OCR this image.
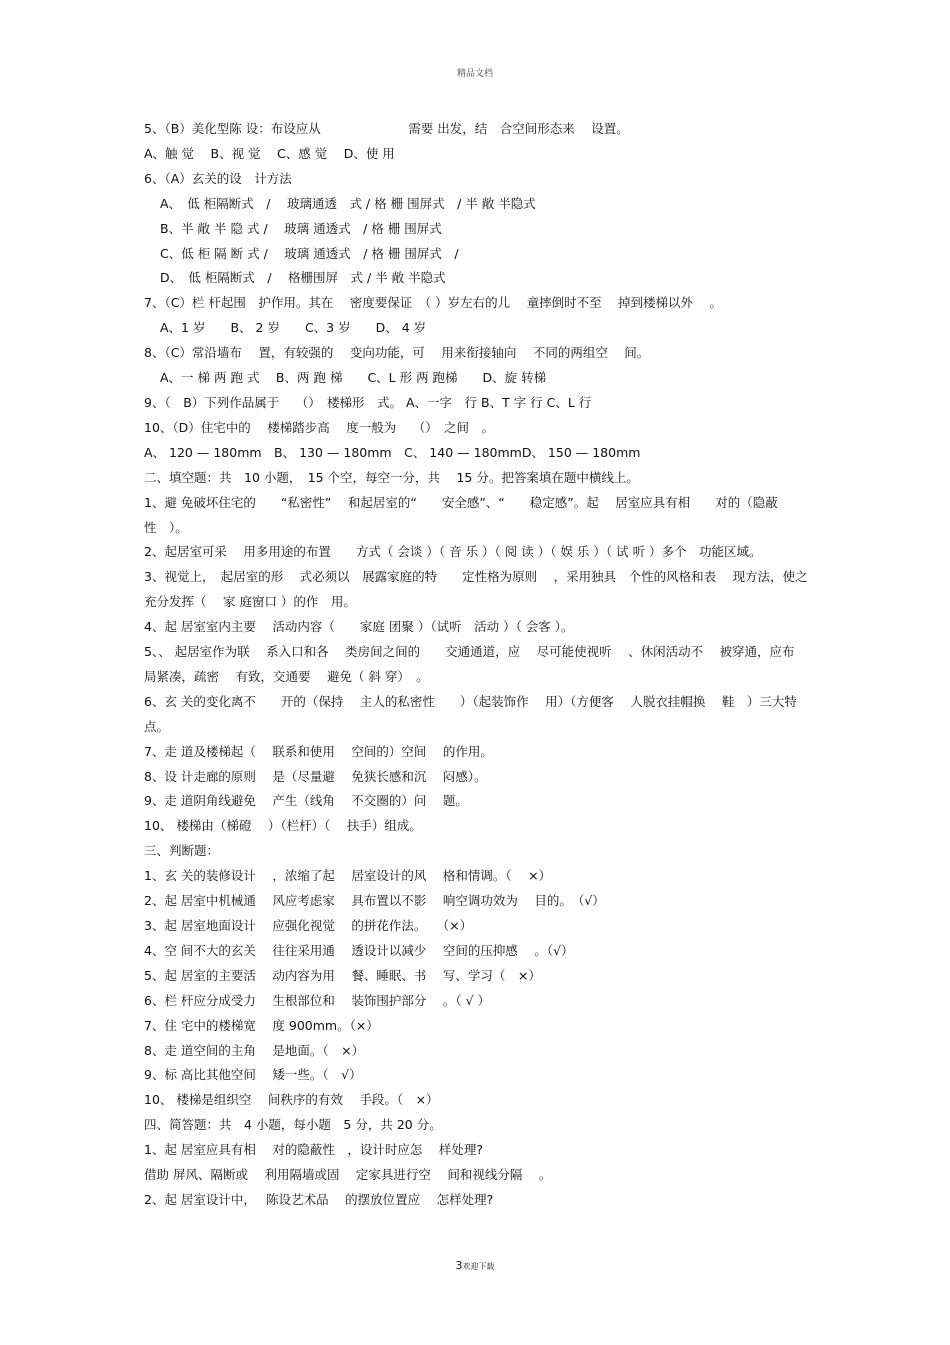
精品文档
5、（B）美化型陈 设：布设应从　　　　　　　需要 出发，结　合空间形态来　 设置。
A、触 觉　 B、视 觉　 C、感 觉　 D、使 用
6、（A）玄关的设　计方法
A、　低 柜隔断式　/　 玻璃通透　式 / 格 栅 围屏式　/ 半 敞 半隐式
B、半 敞 半 隐 式 /　 玻璃 通透式　/ 格 栅 围屏式
C、低 柜 隔 断 式 /　 玻璃 通透式　/ 格 栅 围屏式　/
D、　低 柜隔断式　/　 格栅围屏　式 / 半 敞 半隐式
7、（C）栏 杆起围　护作用。其在　 密度要保证　（ ）岁左右的儿　 童摔倒时不至　 掉到楼梯以外　 。
A、1 岁　　B、 2 岁　　C、3 岁　　D、 4 岁
8、（C）常沿墙布　 置，有较强的　 变向功能，可　 用来衔接轴向　 不同的两组空　 间。
A、一 梯 两 跑 式　 B、两 跑 梯　　C、L 形 两 跑梯　　D、旋 转梯
9、（　B）下列作品属于　 （）　楼梯形　式。 A、一字　行 B、T 字 行 C、L 行
10、（D）住宅中的　 楼梯踏步高　 度一般为　 （）　之间　。
A、 120 — 180mm　B、 130 — 180mm　C、 140 — 180mmD、 150 — 180mm
二、填空题：共　10 小题，　15 个空，每空一分，共　 15 分。把答案填在题中横线上。
1、避 免破坏住宅的　　“私密性”　 和起居室的“　　安全感”、“　　稳定感”。起　 居室应具有相　　对的（隐蔽 性　）。
2、起居室可采　 用多用途的布置　　方式（ 会谈 ）（ 音 乐 ）（ 阅 读 ）（ 娱 乐 ）（ 试 听 ）多个　功能区域。
3、视觉上，　起居室的形　 式必须以　展露家庭的特　　定性格为原则　 ，采用独具　个性的风格和表　 现方法，使之 充分发挥（　 家 庭窗口 ）的作　用。
4、起 居室室内主要　 活动内容（　　家庭 团聚 ）（试听　活动 ）（ 会客 ）。
5、、 起居室作为联　 系入口和各　 类房间之间的　　交通通道，应　 尽可能使视听　 、休闲活动不　 被穿通，应布 局紧凑，疏密　 有致，交通要　 避免（ 斜 穿）　。
6、玄 关的变化离不　　开的（保持　 主人的私密性　　）（起装饰作　 用）（方便客　 人脱衣挂帽换　 鞋　）三大特 点。
7、走 道及楼梯起（　 联系和使用　 空间的）空间　 的作用。
8、设 计走廊的原则　 是（尽量避　 免狭长感和沉　 闷感）。
9、走 道阴角线避免　 产生（线角　 不交圈的）问　 题。
10、 楼梯由（梯磴　 ）（栏杆）（　 扶手）组成。
三、判断题：
1、玄 关的装修设计　 ，浓缩了起　 居室设计的风　 格和情调。（　 ×）
2、起 居室中机械通　 风应考虑家　 具布置以不影　 响空调功效为　 目的。　（√）
3、起 居室地面设计　 应强化视觉　 的拼花作法。　 （×）
4、空 间不大的玄关　 往往采用通　 透设计以减少　 空间的压抑感　 。（√）
5、起 居室的主要活　 动内容为用　 餐、睡眠、书　 写、学习（　×）
6、栏 杆应分成受力　 生根部位和　 装饰围护部分　 。（ √ ）
7、住 宅中的楼梯宽　 度 900mm。（×）
8、走 道空间的主角　 是地面。（　×）
9、标 高比其他空间　 矮一些。（　√）
10、 楼梯是组织空　 间秩序的有效　 手段。（　×）
四、简答题：共　4 小题，每小题　5 分，共 20 分。
1、起 居室应具有相　 对的隐蔽性　，设计时应怎　 样处理?
借助 屏风、隔断或　 利用隔墙或固　 定家具进行空　 间和视线分隔　 。
2、起 居室设计中，　 陈设艺术品　 的摆放位置应　 怎样处理?
3欢迎下载
